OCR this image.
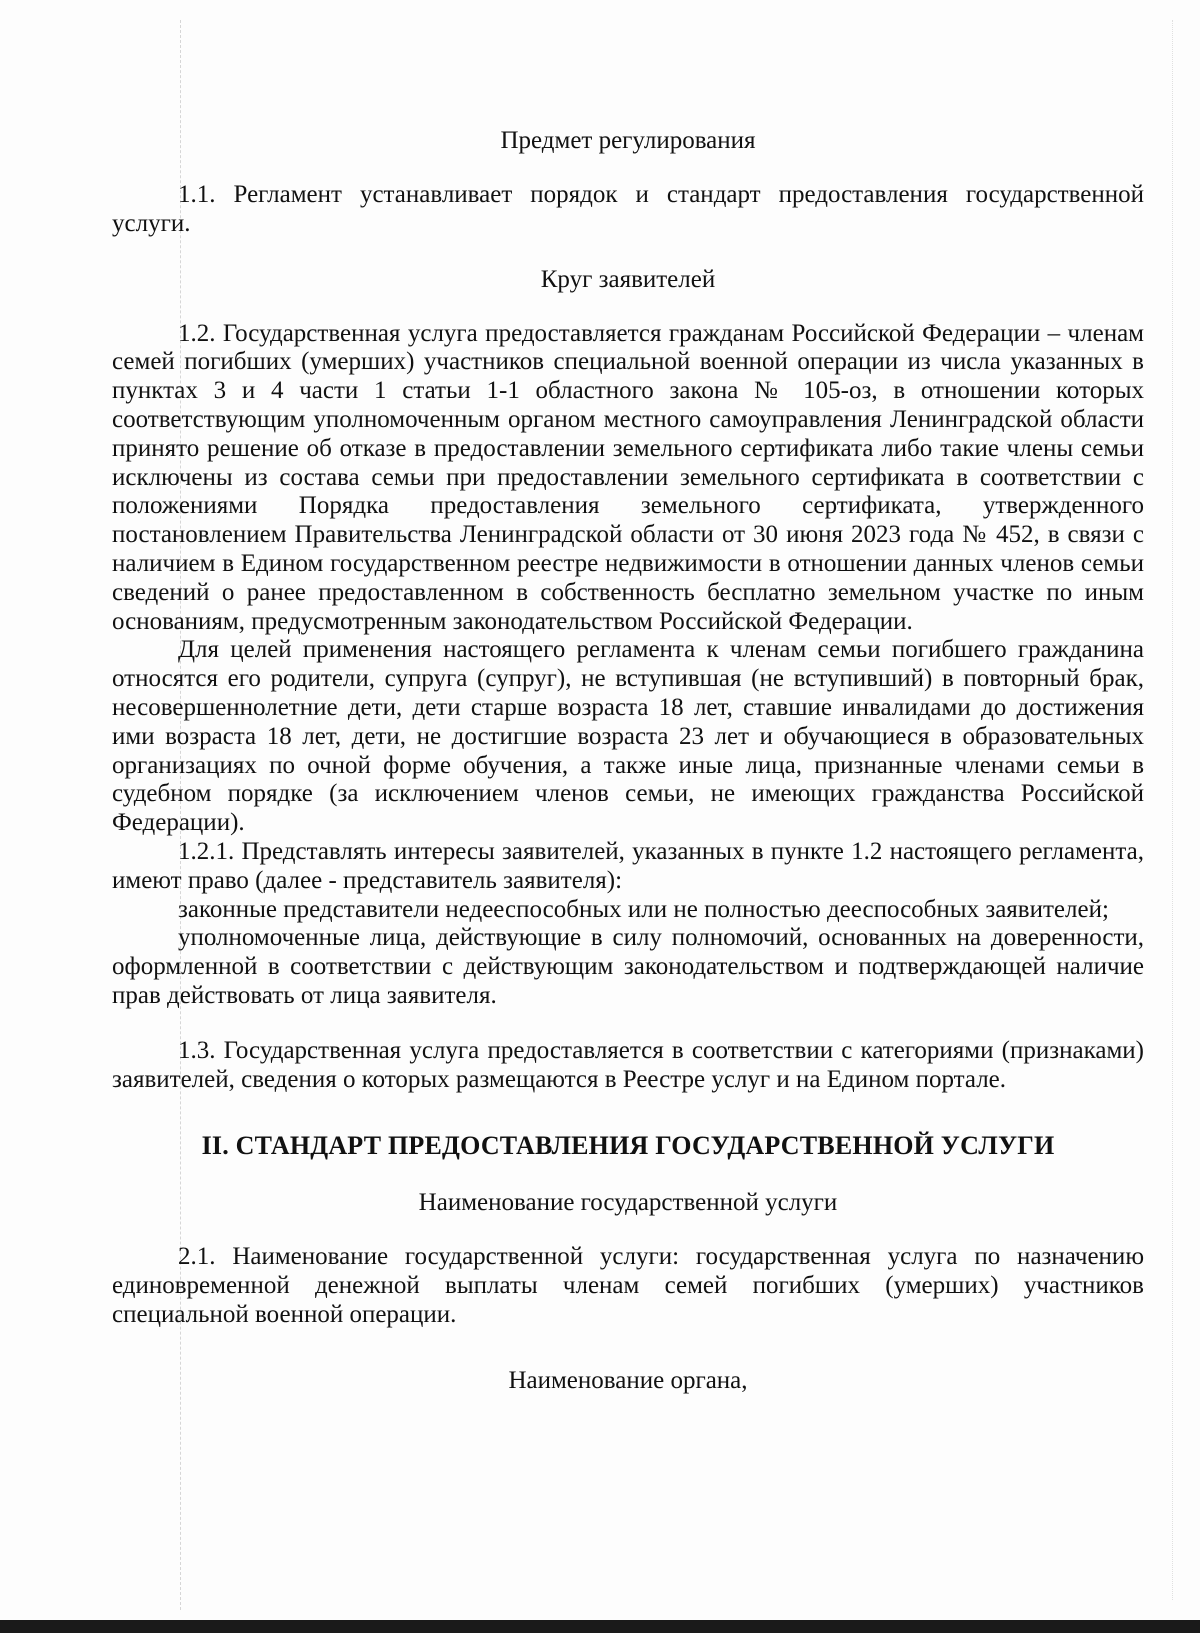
Предмет регулирования

1.1. Регламент устанавливает порядок и стандарт предоставления государственной услуги.

Круг заявителей

1.2. Государственная услуга предоставляется гражданам Российской Федерации – членам семей погибших (умерших) участников специальной военной операции из числа указанных в пунктах 3 и 4 части 1 статьи 1-1 областного закона № 105-оз, в отношении которых соответствующим уполномоченным органом местного самоуправления Ленинградской области принято решение об отказе в предоставлении земельного сертификата либо такие члены семьи исключены из состава семьи при предоставлении земельного сертификата в соответствии с положениями Порядка предоставления земельного сертификата, утвержденного постановлением Правительства Ленинградской области от 30 июня 2023 года № 452, в связи с наличием в Едином государственном реестре недвижимости в отношении данных членов семьи сведений о ранее предоставленном в собственность бесплатно земельном участке по иным основаниям, предусмотренным законодательством Российской Федерации.

Для целей применения настоящего регламента к членам семьи погибшего гражданина относятся его родители, супруга (супруг), не вступившая (не вступивший) в повторный брак, несовершеннолетние дети, дети старше возраста 18 лет, ставшие инвалидами до достижения ими возраста 18 лет, дети, не достигшие возраста 23 лет и обучающиеся в образовательных организациях по очной форме обучения, а также иные лица, признанные членами семьи в судебном порядке (за исключением членов семьи, не имеющих гражданства Российской Федерации).

1.2.1. Представлять интересы заявителей, указанных в пункте 1.2 настоящего регламента, имеют право (далее - представитель заявителя):

законные представители недееспособных или не полностью дееспособных заявителей;

уполномоченные лица, действующие в силу полномочий, основанных на доверенности, оформленной в соответствии с действующим законодательством и подтверждающей наличие прав действовать от лица заявителя.

1.3. Государственная услуга предоставляется в соответствии с категориями (признаками) заявителей, сведения о которых размещаются в Реестре услуг и на Едином портале.

II. СТАНДАРТ ПРЕДОСТАВЛЕНИЯ ГОСУДАРСТВЕННОЙ УСЛУГИ
Наименование государственной услуги

2.1. Наименование государственной услуги: государственная услуга по назначению единовременной денежной выплаты членам семей погибших (умерших) участников специальной военной операции.

Наименование органа,
